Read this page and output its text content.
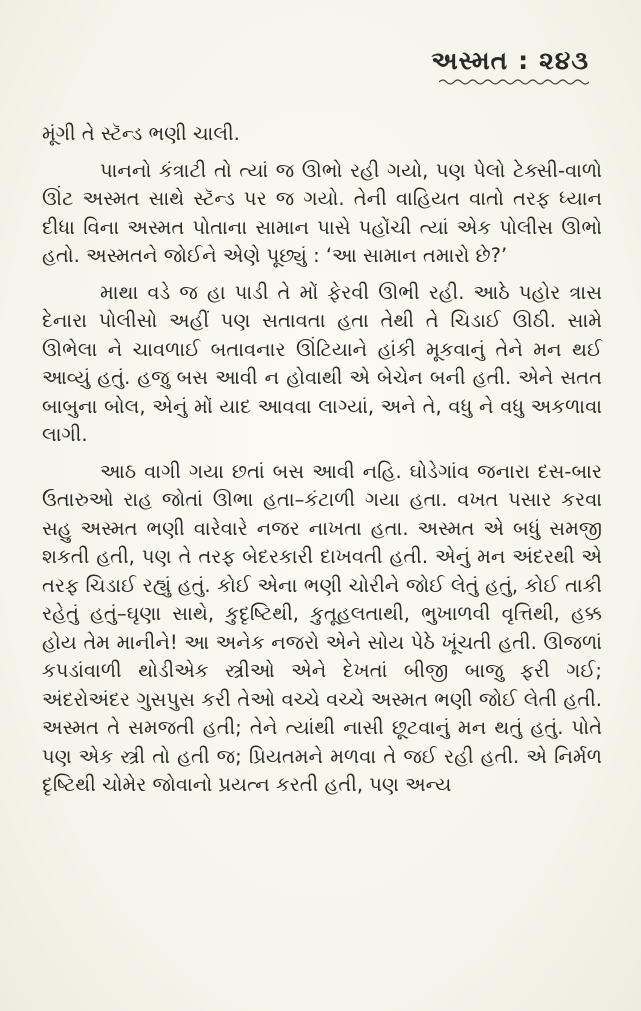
અસ્મત : ૨૪૩

મૂંગી તે સ્ટૅન્ડ ભણી ચાલી.

પાનનો કંત્રાટી તો ત્યાં જ ઊભો રહી ગયો, પણ પેલો ટેક્સી-વાળો ઊંટ અસ્મત સાથે સ્ટૅન્ડ પર જ ગયો. તેની વાહિયત વાતો તરફ ધ્યાન દીધા વિના અસ્મત પોતાના સામાન પાસે પહોંચી ત્યાં એક પોલીસ ઊભો હતો. અસ્મતને જોઈને એણે પૂછ્યું : ‘આ સામાન તમારો છે?’

માથા વડે જ હા પાડી તે મોં ફેરવી ઊભી રહી. આઠે પહોર ત્રાસ દેનારા પોલીસો અહીં પણ સતાવતા હતા તેથી તે ચિડાઈ ઊઠી. સામે ઊભેલા ને ચાવળાઈ બતાવનાર ઊંટિયાને હાંકી મૂકવાનું તેને મન થઈ આવ્યું હતું. હજુ બસ આવી ન હોવાથી એ બેચેન બની હતી. એને સતત બાબુના બોલ, એનું મોં યાદ આવવા લાગ્યાં, અને તે, વધુ ને વધુ અકળાવા લાગી.

આઠ વાગી ગયા છતાં બસ આવી નહિ. ઘોડેગાંવ જનારા દસ-બાર ઉતારુઓ રાહ જોતાં ઊભા હતા–કંટાળી ગયા હતા. વખત પસાર કરવા સહુ અસ્મત ભણી વારેવારે નજર નાખતા હતા. અસ્મત એ બધું સમજી શકતી હતી, પણ તે તરફ બેદરકારી દાખવતી હતી. એનું મન અંદરથી એ તરફ ચિડાઈ રહ્યું હતું. કોઈ એના ભણી ચોરીને જોઈ લેતું હતું, કોઈ તાકી રહેતું હતું–ઘૃણા સાથે, કુદૃષ્ટિથી, કુતૂહલતાથી, ભુખાળવી વૃત્તિથી, હક્ક હોય તેમ માનીને! આ અનેક નજરો એને સોય પેઠે ખૂંચતી હતી. ઊજળાં કપડાંવાળી થોડીએક સ્ત્રીઓ એને દેખતાં બીજી બાજુ ફરી ગઈ; અંદરોઅંદર ગુસપુસ કરી તેઓ વચ્ચે વચ્ચે અસ્મત ભણી જોઈ લેતી હતી. અસ્મત તે સમજતી હતી; તેને ત્યાંથી નાસી છૂટવાનું મન થતું હતું. પોતે પણ એક સ્ત્રી તો હતી જ; પ્રિયતમને મળવા તે જઈ રહી હતી. એ નિર્મળ દૃષ્ટિથી ચોમેર જોવાનો પ્રયત્ન કરતી હતી, પણ અન્ય
